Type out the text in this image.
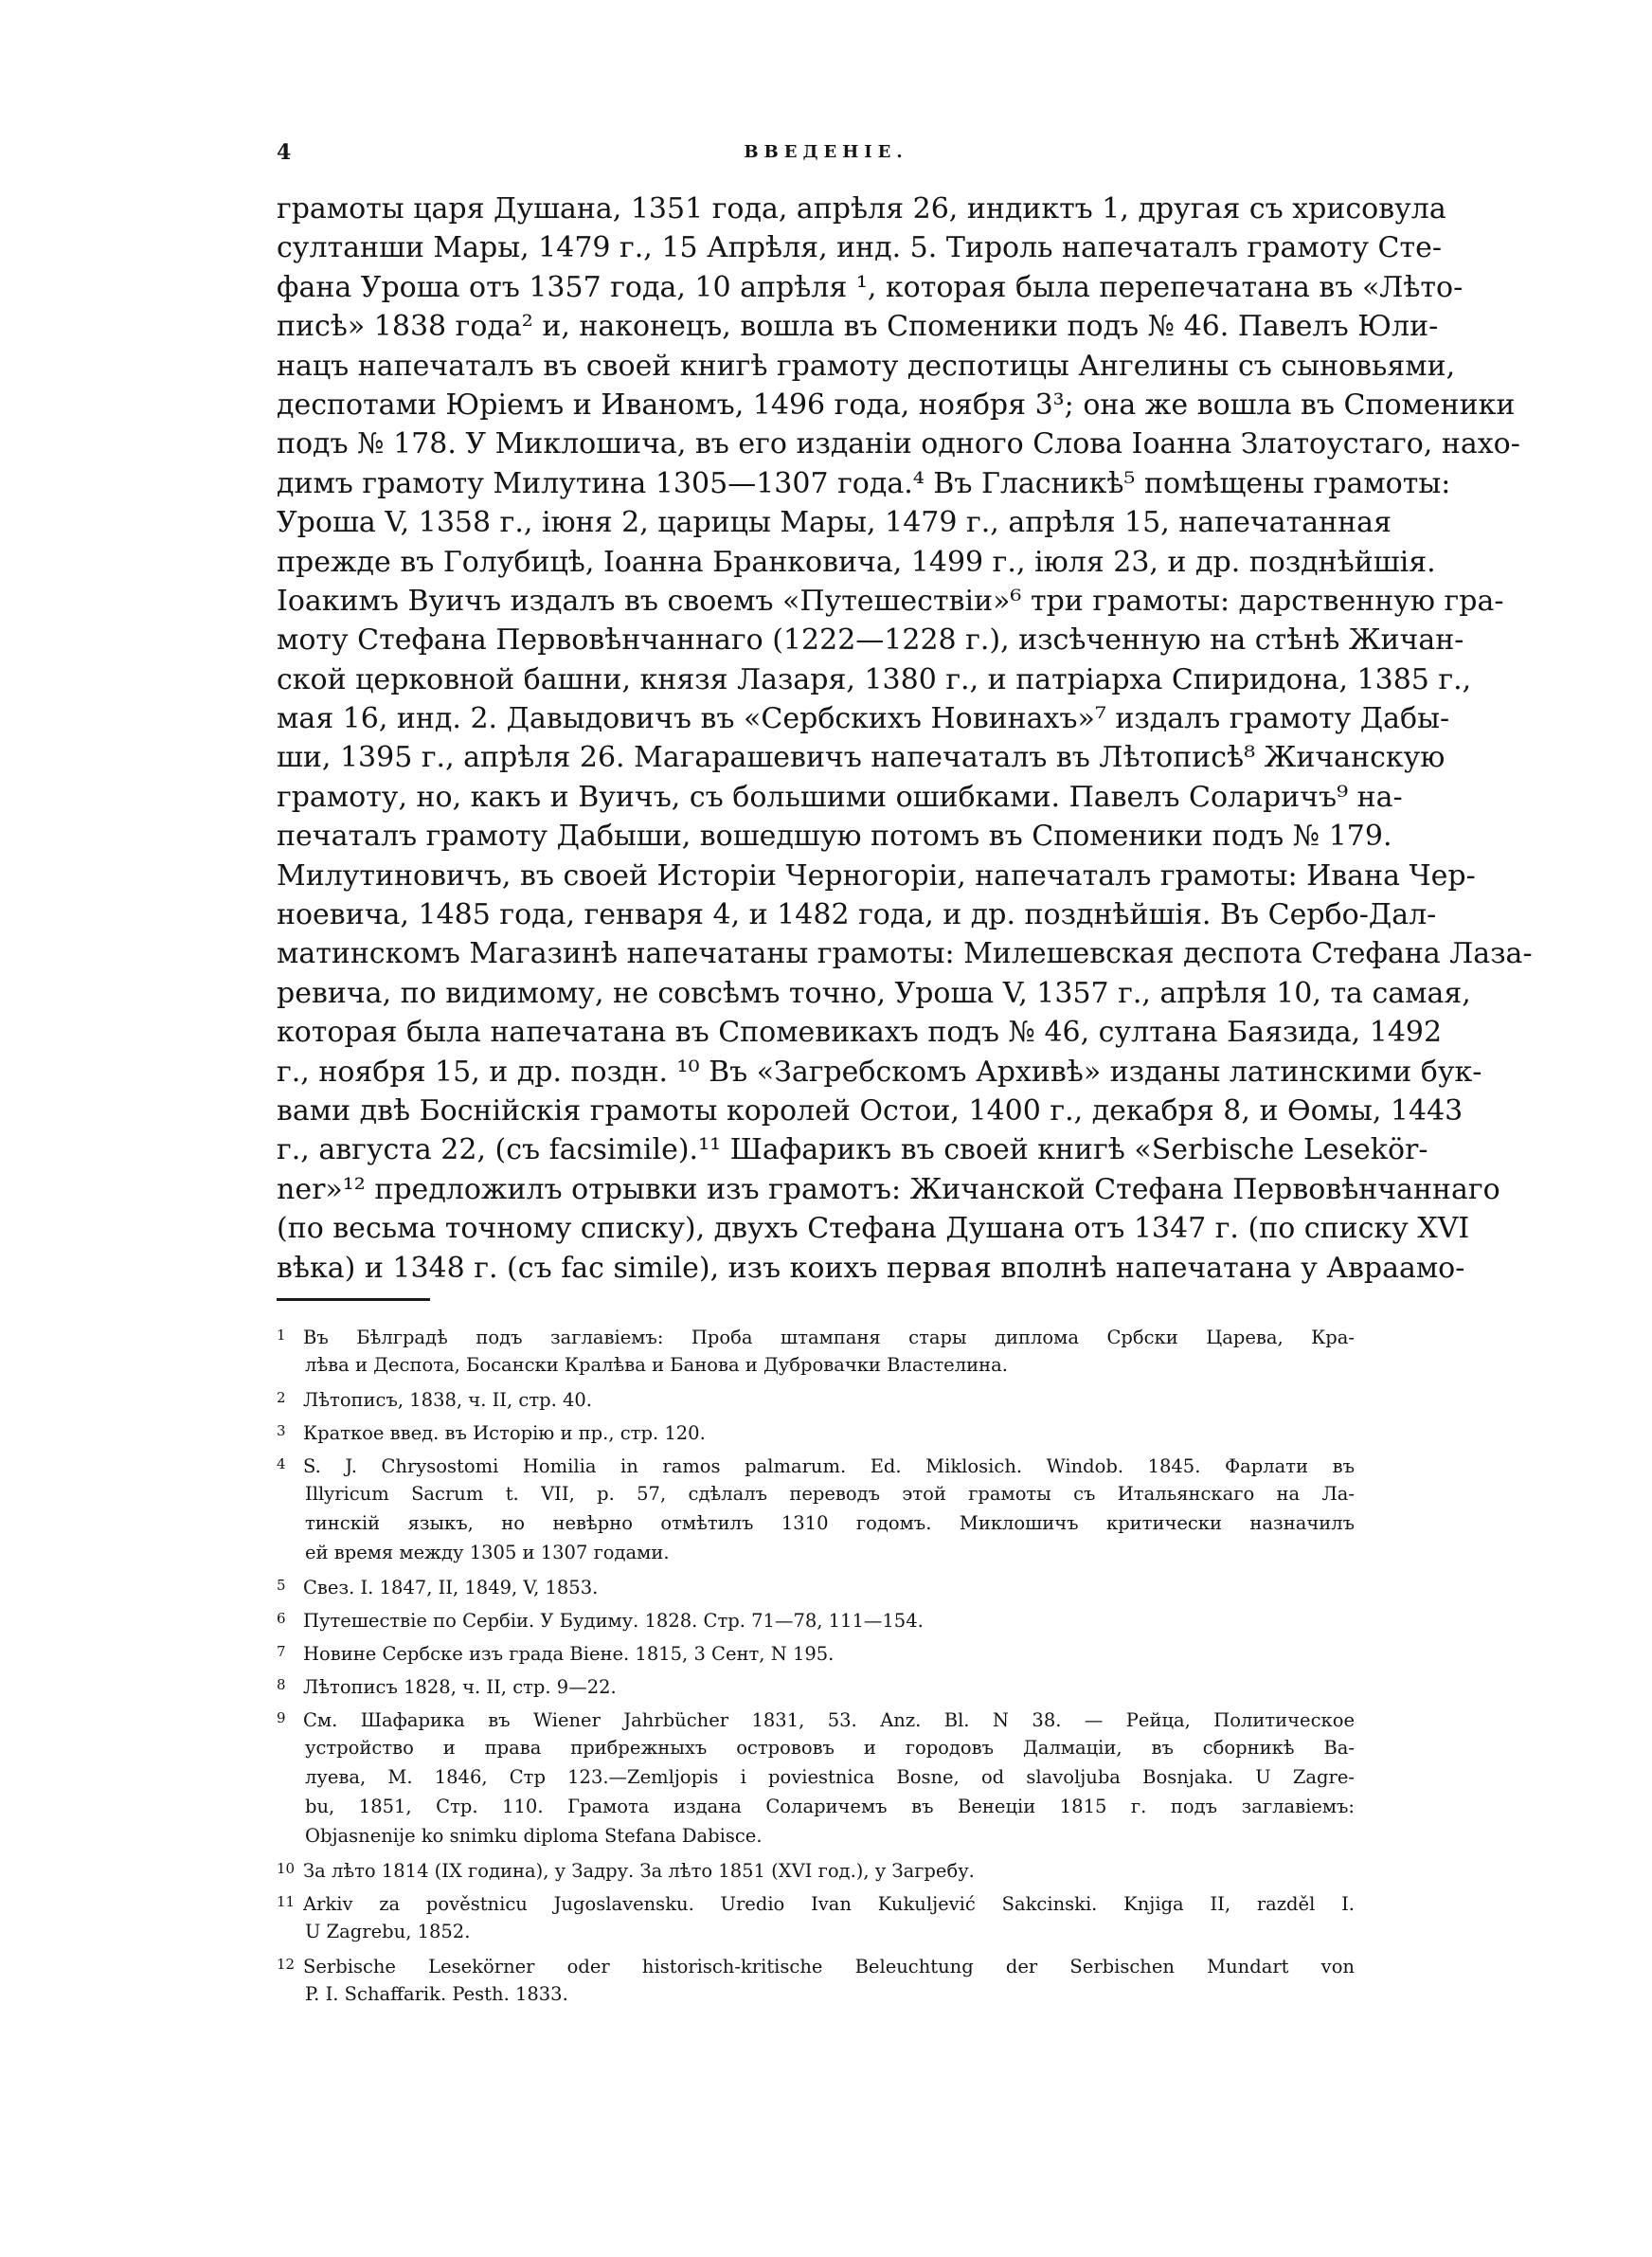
4	ВВЕДЕНІЕ.
грамоты царя Душана, 1351 года, апрѣля 26, индиктъ 1, другая съ хрисовула
султанши Мары, 1479 г., 15 Апрѣля, инд. 5. Тироль напечаталъ грамоту Сте-
фана Уроша отъ 1357 года, 10 апрѣля ¹, которая была перепечатана въ «Лѣто-
писѣ» 1838 года² и, наконецъ, вошла въ Споменики подъ № 46. Павелъ Юли-
нацъ напечаталъ въ своей книгѣ грамоту деспотицы Ангелины съ сыновьями,
деспотами Юріемъ и Иваномъ, 1496 года, ноября 3³; она же вошла въ Споменики
подъ № 178. У Миклошича, въ его изданіи одного Слова Іоанна Златоустаго, нахо-
димъ грамоту Милутина 1305—1307 года.⁴ Въ Гласникѣ⁵ помѣщены грамоты:
Уроша V, 1358 г., іюня 2, царицы Мары, 1479 г., апрѣля 15, напечатанная
прежде въ Голубицѣ, Іоанна Бранковича, 1499 г., іюля 23, и др. позднѣйшія.
Іоакимъ Вуичъ издалъ въ своемъ «Путешествіи»⁶ три грамоты: дарственную гра-
моту Стефана Первовѣнчаннаго (1222—1228 г.), изсѣченную на стѣнѣ Жичан-
ской церковной башни, князя Лазаря, 1380 г., и патріарха Спиридона, 1385 г.,
мая 16, инд. 2. Давыдовичъ въ «Сербскихъ Новинахъ»⁷ издалъ грамоту Дабы-
ши, 1395 г., апрѣля 26. Магарашевичъ напечаталъ въ Лѣтописѣ⁸ Жичанскую
грамоту, но, какъ и Вуичъ, съ большими ошибками. Павелъ Соларичъ⁹ на-
печаталъ грамоту Дабыши, вошедшую потомъ въ Споменики подъ № 179.
Милутиновичъ, въ своей Исторіи Черногоріи, напечаталъ грамоты: Ивана Чер-
ноевича, 1485 года, генваря 4, и 1482 года, и др. позднѣйшія. Въ Сербо-Дал-
матинскомъ Магазинѣ напечатаны грамоты: Милешевская деспота Стефана Лаза-
ревича, по видимому, не совсѣмъ точно, Уроша V, 1357 г., апрѣля 10, та самая,
которая была напечатана въ Спомевикахъ подъ № 46, султана Баязида, 1492
г., ноября 15, и др. поздн. ¹⁰ Въ «Загребскомъ Архивѣ» изданы латинскими бук-
вами двѣ Боснійскія грамоты королей Остои, 1400 г., декабря 8, и Ѳомы, 1443
г., августа 22, (съ facsimile).¹¹ Шафарикъ въ своей книгѣ «Serbische Lesekör-
ner»¹² предложилъ отрывки изъ грамотъ: Жичанской Стефана Первовѣнчаннаго
(по весьма точному списку), двухъ Стефана Душана отъ 1347 г. (по списку XVI
вѣка) и 1348 г. (съ fac simile), изъ коихъ первая вполнѣ напечатана у Авраамо-
1 Въ Бѣлградѣ подъ заглавіемъ: Проба штампаня стары диплома Србски Царева, Кра-
лѣва и Деспота, Босански Кралѣва и Банова и Дубровачки Властелина.
2 Лѣтописъ, 1838, ч. II, стр. 40.
3 Краткое введ. въ Исторію и пр., стр. 120.
4 S. J. Chrysostomi Homilia in ramos palmarum. Ed. Miklosich. Windob. 1845. Фарлати въ
Illyricum Sacrum t. VII, p. 57, сдѣлалъ переводъ этой грамоты съ Итальянскаго на Ла-
тинскій языкъ, но невѣрно отмѣтилъ 1310 годомъ. Миклошичъ критически назначилъ
ей время между 1305 и 1307 годами.
5 Свез. I. 1847, II, 1849, V, 1853.
6 Путешествіе по Сербіи. У Будиму. 1828. Стр. 71—78, 111—154.
7 Новине Сербске изъ града Віене. 1815, 3 Сент, N 195.
8 Лѣтописъ 1828, ч. II, стр. 9—22.
9 См. Шафарика въ Wiener Jahrbücher 1831, 53. Anz. Bl. N 38. — Рейца, Политическое
устройство и права прибрежныхъ острововъ и городовъ Далмаціи, въ сборникѣ Ва-
луева, М. 1846, Стр 123.—Zemljopis i poviestnica Bosne, od slavoljuba Bosnjaka. U Zagre-
bu, 1851, Стр. 110. Грамота издана Соларичемъ въ Венеціи 1815 г. подъ заглавіемъ:
Objasnenije ko snimku diploma Stefana Dabisce.
10 За лѣто 1814 (IX година), у Задру. За лѣто 1851 (XVI год.), у Загребу.
11 Arkiv za pověstnicu Jugoslavensku. Uredio Ivan Kukuljević Sakcinski. Knjiga II, razděl I.
U Zagrebu, 1852.
12 Serbische Lesekörner oder historisch-kritische Beleuchtung der Serbischen Mundart von
P. I. Schaffarik. Pesth. 1833.
